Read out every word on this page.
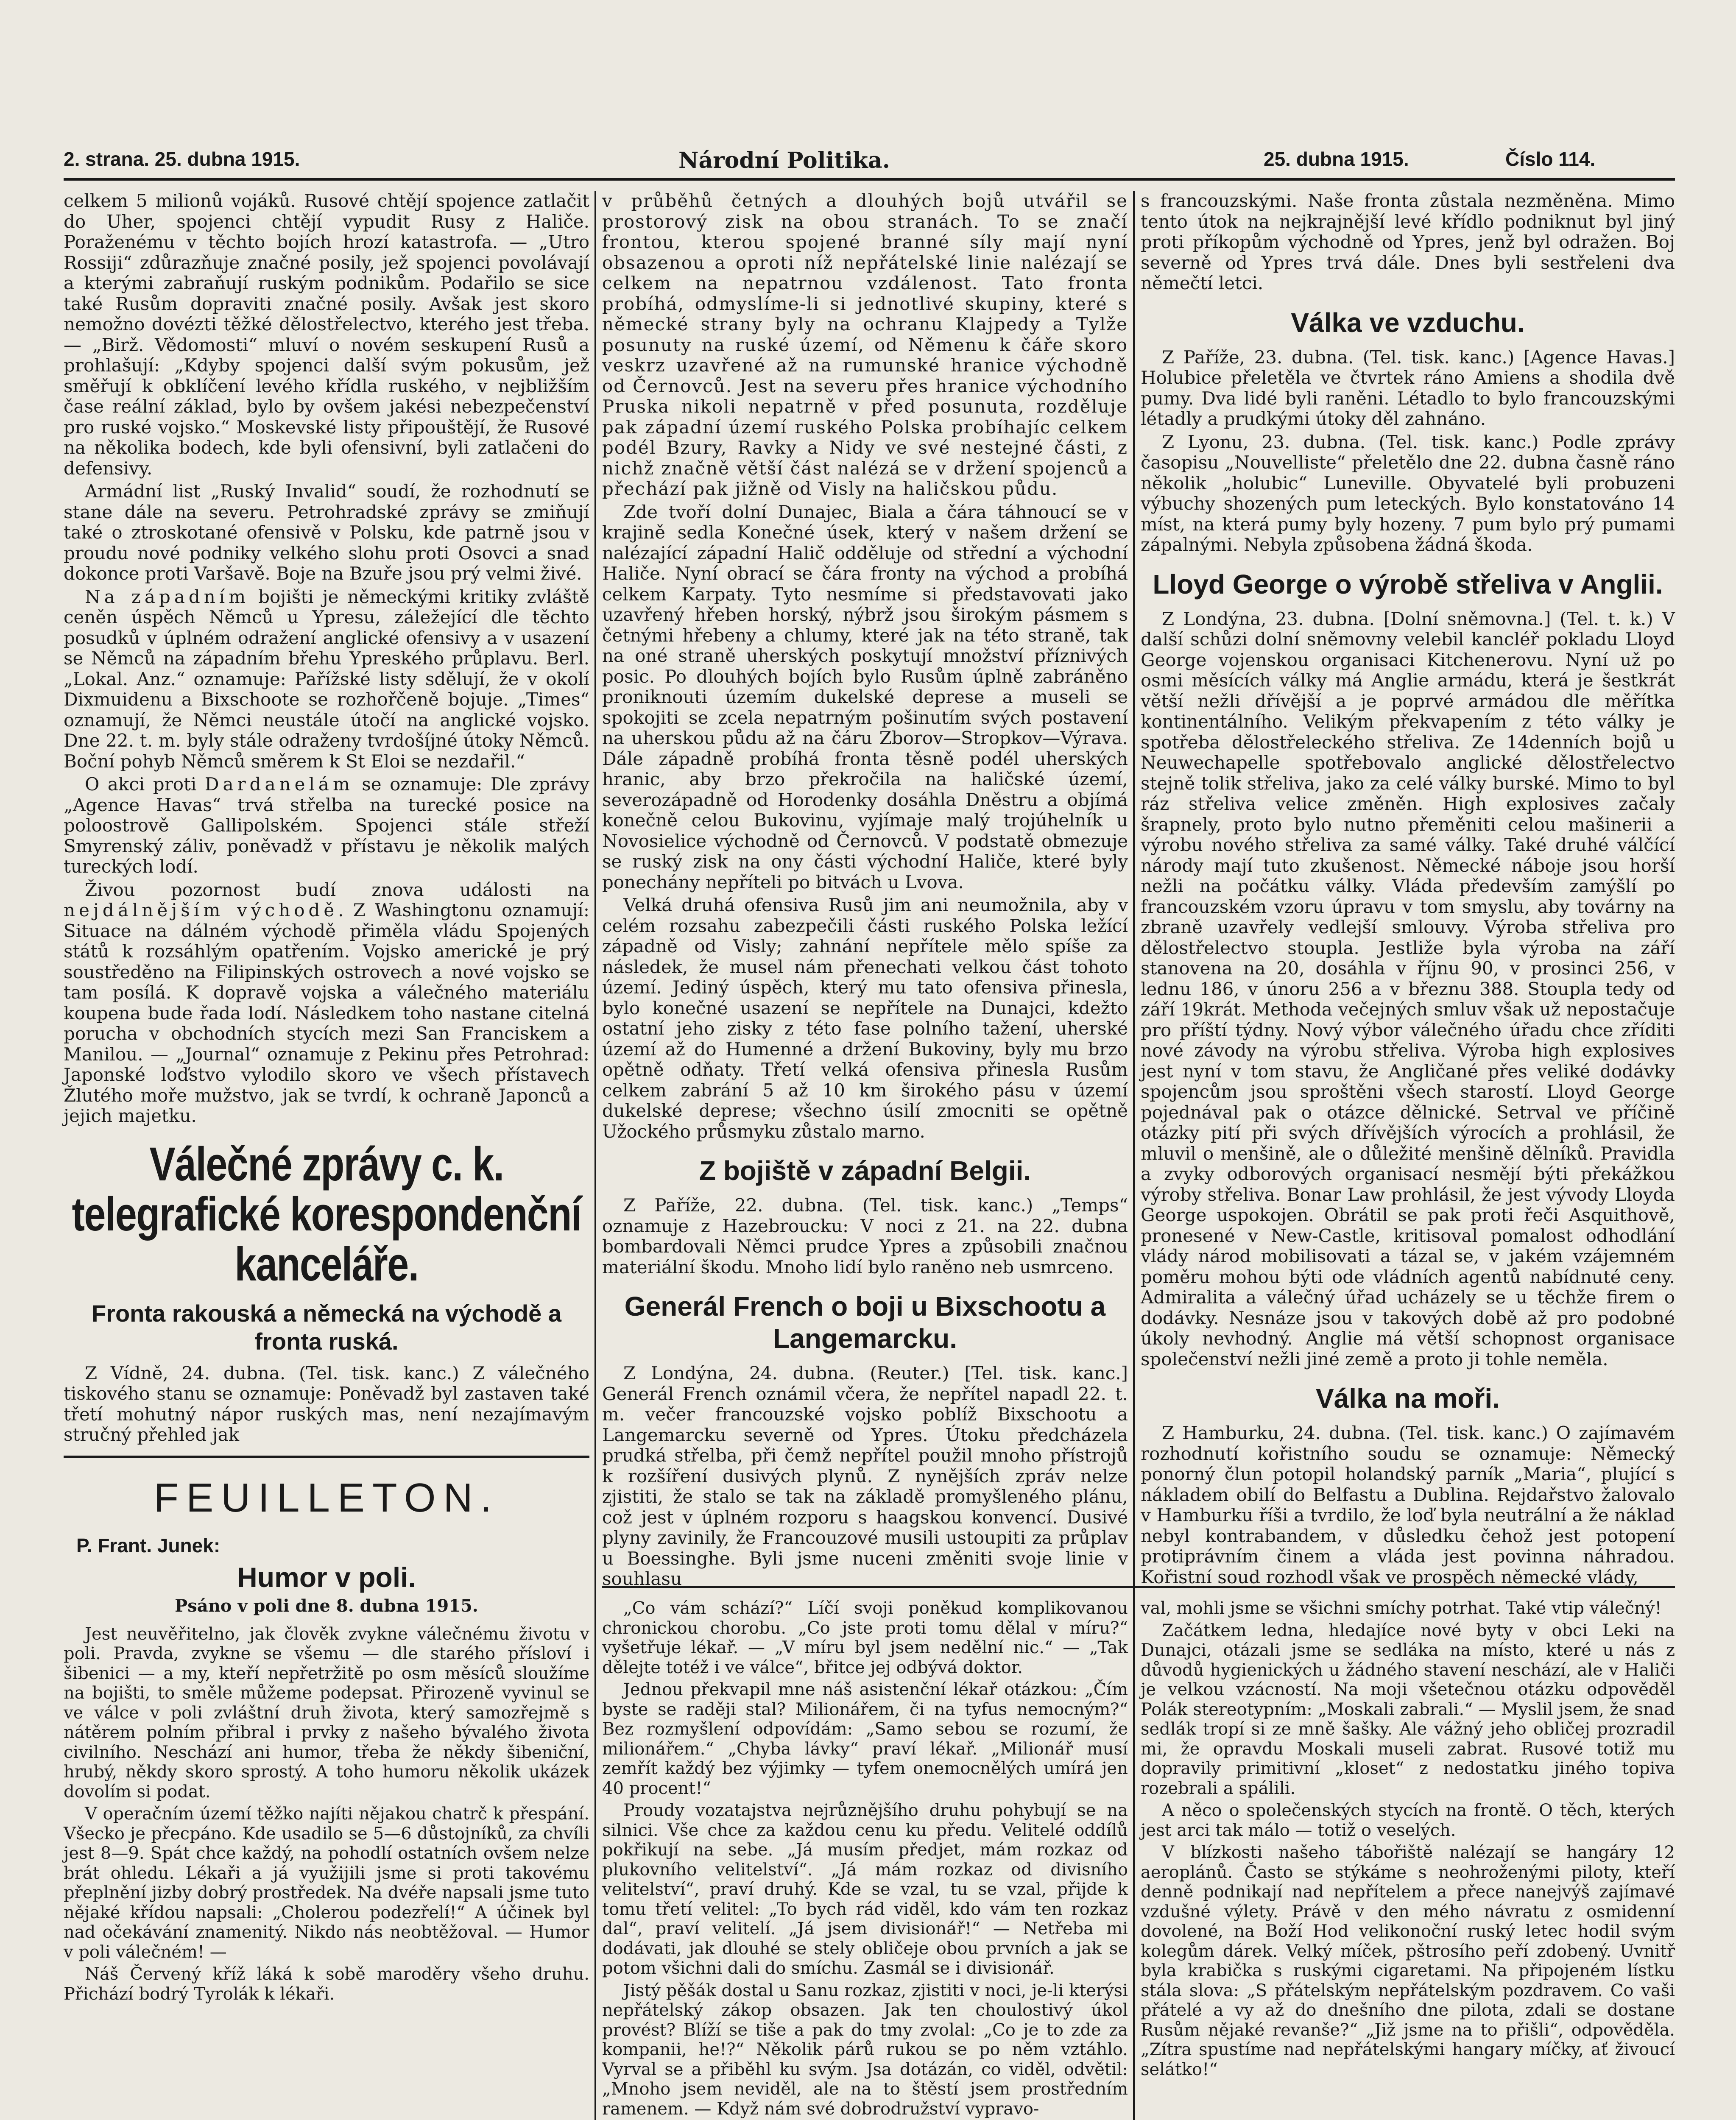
2. strana. 25. dubna 1915.	Národní Politika.	25. dubna 1915.	Číslo 114.

celkem 5 milionů vojáků. Rusové chtějí spojence zatlačit do Uher, spojenci chtějí vypudit Rusy z Haliče. Poraženému v těchto bojích hrozí katastrofa. — „Utro Rossiji“ zdůrazňuje značné posily, jež spojenci povolávají a kterými zabraňují ruským podnikům. Podařilo se sice také Rusům dopraviti značné posily. Avšak jest skoro nemožno dovézti těžké dělostřelectvo, kterého jest třeba. — „Birž. Vědomosti“ mluví o novém seskupení Rusů a prohlašují: „Kdyby spojenci další svým pokusům, jež směřují k obklíčení levého křídla ruského, v nejbližším čase reální základ, bylo by ovšem jakési nebezpečenství pro ruské vojsko.“ Moskevské listy připouštějí, že Rusové na několika bodech, kde byli ofensivní, byli zatlačeni do defensivy.

Armádní list „Ruský Invalid“ soudí, že rozhodnutí se stane dále na severu. Petrohradské zprávy se zmiňují také o ztroskotané ofensivě v Polsku, kde patrně jsou v proudu nové podniky velkého slohu proti Osovci a snad dokonce proti Varšavě. Boje na Bzuře jsou prý velmi živé.

Na západním bojišti je německými kritiky zvláště ceněn úspěch Němců u Ypresu, záležející dle těchto posudků v úplném odražení anglické ofensivy a v usazení se Němců na západním břehu Ypreského průplavu. Berl. „Lokal. Anz.“ oznamuje: Pařížské listy sdělují, že v okolí Dixmuidenu a Bixschoote se rozhořčeně bojuje. „Times“ oznamují, že Němci neustále útočí na anglické vojsko. Dne 22. t. m. byly stále odraženy tvrdošíjné útoky Němců. Boční pohyb Němců směrem k St Eloi se nezdařil.“

O akci proti Dardanelám se oznamuje: Dle zprávy „Agence Havas“ trvá střelba na turecké posice na poloostrově Gallipolském. Spojenci stále střeží Smyrenský záliv, poněvadž v přístavu je několik malých tureckých lodí.

Živou pozornost budí znova události na nejdálnějším východě. Z Washingtonu oznamují: Situace na dálném východě přiměla vládu Spojených států k rozsáhlým opatřením. Vojsko americké je prý soustředěno na Filipinských ostrovech a nové vojsko se tam posílá. K dopravě vojska a válečného materiálu koupena bude řada lodí. Následkem toho nastane citelná porucha v obchodních stycích mezi San Franciskem a Manilou. — „Journal“ oznamuje z Pekinu přes Petrohrad: Japonské loďstvo vylodilo skoro ve všech přístavech Žlutého moře mužstvo, jak se tvrdí, k ochraně Japonců a jejich majetku.

Válečné zprávy c. k. telegrafické korespondenční kanceláře.
Fronta rakouská a německá na východě a fronta ruská.

Z Vídně, 24. dubna. (Tel. tisk. kanc.) Z válečného tiskového stanu se oznamuje: Poněvadž byl zastaven také třetí mohutný nápor ruských mas, není nezajímavým stručný přehled jak

FEUILLETON.
P. Frant. Junek:
Humor v poli.
Psáno v poli dne 8. dubna 1915.

Jest neuvěřitelno, jak člověk zvykne válečnému životu v poli. Pravda, zvykne se všemu — dle starého přísloví i šibenici — a my, kteří nepřetržitě po osm měsíců sloužíme na bojišti, to směle můžeme podepsat. Přirozeně vyvinul se ve válce v poli zvláštní druh života, který samozřejmě s nátěrem polním přibral i prvky z našeho bývalého života civilního. Neschází ani humor, třeba že někdy šibeniční, hrubý, někdy skoro sprostý. A toho humoru několik ukázek dovolím si podat.

V operačním území těžko najíti nějakou chatrč k přespání. Všecko je přecpáno. Kde usadilo se 5—6 důstojníků, za chvíli jest 8—9. Spát chce každý, na pohodlí ostatních ovšem nelze brát ohledu. Lékaři a já využijili jsme si proti takovému přeplnění jizby dobrý prostředek. Na dvéře napsali jsme tuto nějaké křídou napsali: „Cholerou podezřelí!“ A účinek byl nad očekávání znamenitý. Nikdo nás neobtěžoval. — Humor v poli válečném! —

Náš Červený kříž láká k sobě maroděry všeho druhu. Přichází bodrý Tyrolák k lékaři.

v průběhů četných a dlouhých bojů utvářil se prostorový zisk na obou stranách. To se značí frontou, kterou spojené branné síly mají nyní obsazenou a oproti níž nepřátelské linie nalézají se celkem na nepatrnou vzdálenost. Tato fronta probíhá, odmyslíme-li si jednotlivé skupiny, které s německé strany byly na ochranu Klajpedy a Tylže posunuty na ruské území, od Němenu k čáře skoro veskrz uzavřené až na rumunské hranice východně od Černovců. Jest na severu přes hranice východního Pruska nikoli nepatrně v před posunuta, rozděluje pak západní území ruského Polska probíhajíc celkem podél Bzury, Ravky a Nidy ve své nestejné části, z nichž značně větší část nalézá se v držení spojenců a přechází pak jižně od Visly na haličskou půdu.

Zde tvoří dolní Dunajec, Biala a čára táhnoucí se v krajině sedla Konečné úsek, který v našem držení se nalézající západní Halič odděluje od střední a východní Haliče. Nyní obrací se čára fronty na východ a probíhá celkem Karpaty. Tyto nesmíme si představovati jako uzavřený hřeben horský, nýbrž jsou širokým pásmem s četnými hřebeny a chlumy, které jak na této straně, tak na oné straně uherských poskytují množství příznivých posic. Po dlouhých bojích bylo Rusům úplně zabráněno proniknouti územím dukelské deprese a museli se spokojiti se zcela nepatrným pošinutím svých postavení na uherskou půdu až na čáru Zborov—Stropkov—Výrava. Dále západně probíhá fronta těsně podél uherských hranic, aby brzo překročila na haličské území, severozápadně od Horodenky dosáhla Dněstru a objímá konečně celou Bukovinu, vyjímaje malý trojúhelník u Novosielice východně od Černovců. V podstatě obmezuje se ruský zisk na ony části východní Haliče, které byly ponechány nepříteli po bitvách u Lvova.

Velká druhá ofensiva Rusů jim ani neumožnila, aby v celém rozsahu zabezpečili části ruského Polska ležící západně od Visly; zahnání nepřítele mělo spíše za následek, že musel nám přenechati velkou část tohoto území. Jediný úspěch, který mu tato ofensiva přinesla, bylo konečné usazení se nepřítele na Dunajci, kdežto ostatní jeho zisky z této fase polního tažení, uherské území až do Humenné a držení Bukoviny, byly mu brzo opětně odňaty. Třetí velká ofensiva přinesla Rusům celkem zabrání 5 až 10 km širokého pásu v území dukelské deprese; všechno úsilí zmocniti se opětně Užockého průsmyku zůstalo marno.

Z bojiště v západní Belgii.

Z Paříže, 22. dubna. (Tel. tisk. kanc.) „Temps“ oznamuje z Hazebroucku: V noci z 21. na 22. dubna bombardovali Němci prudce Ypres a způsobili značnou materiální škodu. Mnoho lidí bylo raněno neb usmrceno.

Generál French o boji u Bixschootu a Langemarcku.

Z Londýna, 24. dubna. (Reuter.) [Tel. tisk. kanc.] Generál French oznámil včera, že nepřítel napadl 22. t. m. večer francouzské vojsko poblíž Bixschootu a Langemarcku severně od Ypres. Útoku předcházela prudká střelba, při čemž nepřítel použil mnoho přístrojů k rozšíření dusivých plynů. Z nynějších zpráv nelze zjistiti, že stalo se tak na základě promyšleného plánu, což jest v úplném rozporu s haagskou konvencí. Dusivé plyny zavinily, že Francouzové musili ustoupiti za průplav u Boessinghe. Byli jsme nuceni změniti svoje linie v souhlasu

„Co vám schází?“ Líčí svoji poněkud komplikovanou chronickou chorobu. „Co jste proti tomu dělal v míru?“ vyšetřuje lékař. — „V míru byl jsem nedělní nic.“ — „Tak dělejte totéž i ve válce“, břitce jej odbývá doktor.

Jednou překvapil mne náš asistenční lékař otázkou: „Čím byste se raději stal? Milionářem, či na tyfus nemocným?“ Bez rozmyšlení odpovídám: „Samo sebou se rozumí, že milionářem.“ „Chyba lávky“ praví lékař. „Milionář musí zemřít každý bez výjimky — tyfem onemocnělých umírá jen 40 procent!“

Proudy vozatajstva nejrůznějšího druhu pohybují se na silnici. Vše chce za každou cenu ku předu. Velitelé oddílů pokřikují na sebe. „Já musím předjet, mám rozkaz od plukovního velitelství“. „Já mám rozkaz od divisního velitelství“, praví druhý. Kde se vzal, tu se vzal, přijde k tomu třetí velitel: „To bych rád viděl, kdo vám ten rozkaz dal“, praví velitelí. „Já jsem divisionář!“ — Netřeba mi dodávati, jak dlouhé se stely obličeje obou prvních a jak se potom všichni dali do smíchu. Zasmál se i divisionář.

Jistý pěšák dostal u Sanu rozkaz, zjistiti v noci, je-li kterýsi nepřátelský zákop obsazen. Jak ten choulostivý úkol provést? Blíží se tiše a pak do tmy zvolal: „Co je to zde za kompanii, he!?“ Několik párů rukou se po něm vztáhlo. Vyrval se a přiběhl ku svým. Jsa dotázán, co viděl, odvětil: „Mnoho jsem neviděl, ale na to štěstí jsem prostředním ramenem. — Když nám své dobrodružství vypravo-

s francouzskými. Naše fronta zůstala nezměněna. Mimo tento útok na nejkrajnější levé křídlo podniknut byl jiný proti příkopům východně od Ypres, jenž byl odražen. Boj severně od Ypres trvá dále. Dnes byli sestřeleni dva němečtí letci.

Válka ve vzduchu.

Z Paříže, 23. dubna. (Tel. tisk. kanc.) [Agence Havas.] Holubice přeletěla ve čtvrtek ráno Amiens a shodila dvě pumy. Dva lidé byli raněni. Létadlo to bylo francouzskými létadly a prudkými útoky děl zahnáno.

Z Lyonu, 23. dubna. (Tel. tisk. kanc.) Podle zprávy časopisu „Nouvelliste“ přeletělo dne 22. dubna časně ráno několik „holubic“ Luneville. Obyvatelé byli probuzeni výbuchy shozených pum leteckých. Bylo konstatováno 14 míst, na která pumy byly hozeny. 7 pum bylo prý pumami zápalnými. Nebyla způsobena žádná škoda.

Lloyd George o výrobě střeliva v Anglii.

Z Londýna, 23. dubna. [Dolní sněmovna.] (Tel. t. k.) V další schůzi dolní sněmovny velebil kancléř pokladu Lloyd George vojenskou organisaci Kitchenerovu. Nyní už po osmi měsících války má Anglie armádu, která je šestkrát větší nežli dřívější a je poprvé armádou dle měřítka kontinentálního. Velikým překvapením z této války je spotřeba dělostřeleckého střeliva. Ze 14denních bojů u Neuwechapelle spotřebovalo anglické dělostřelectvo stejně tolik střeliva, jako za celé války burské. Mimo to byl ráz střeliva velice změněn. High explosives začaly šrapnely, proto bylo nutno přeměniti celou mašinerii a výrobu nového střeliva za samé války. Také druhé válčící národy mají tuto zkušenost. Německé náboje jsou horší nežli na počátku války. Vláda především zamýšlí po francouzském vzoru úpravu v tom smyslu, aby továrny na zbraně uzavřely vedlejší smlouvy. Výroba střeliva pro dělostřelectvo stoupla. Jestliže byla výroba na září stanovena na 20, dosáhla v říjnu 90, v prosinci 256, v lednu 186, v únoru 256 a v březnu 388. Stoupla tedy od září 19krát. Methoda večejných smluv však už nepostačuje pro příští týdny. Nový výbor válečného úřadu chce zříditi nové závody na výrobu střeliva. Výroba high explosives jest nyní v tom stavu, že Angličané přes veliké dodávky spojencům jsou sproštěni všech starostí. Lloyd George pojednával pak o otázce dělnické. Setrval ve příčině otázky pití při svých dřívějších výrocích a prohlásil, že mluvil o menšině, ale o důležité menšině dělníků. Pravidla a zvyky odborových organisací nesmějí býti překážkou výroby střeliva. Bonar Law prohlásil, že jest vývody Lloyda George uspokojen. Obrátil se pak proti řeči Asquithově, pronesené v New-Castle, kritisoval pomalost odhodlání vlády národ mobilisovati a tázal se, v jakém vzájemném poměru mohou býti ode vládních agentů nabídnuté ceny. Admiralita a válečný úřad ucházely se u těchže firem o dodávky. Nesnáze jsou v takových době až pro podobné úkoly nevhodný. Anglie má větší schopnost organisace společenství nežli jiné země a proto ji tohle neměla.

Válka na moři.

Z Hamburku, 24. dubna. (Tel. tisk. kanc.) O zajímavém rozhodnutí kořistního soudu se oznamuje: Německý ponorný člun potopil holandský parník „Maria“, plující s nákladem obilí do Belfastu a Dublina. Rejdařstvo žalovalo v Hamburku říši a tvrdilo, že loď byla neutrální a že náklad nebyl kontrabandem, v důsledku čehož jest potopení protiprávním činem a vláda jest povinna náhradou. Kořistní soud rozhodl však ve prospěch německé vlády,

val, mohli jsme se všichni smíchy potrhat. Také vtip válečný!

Začátkem ledna, hledajíce nové byty v obci Leki na Dunajci, otázali jsme se sedláka na místo, které u nás z důvodů hygienických u žádného stavení neschází, ale v Haliči je velkou vzácností. Na moji všetečnou otázku odpověděl Polák stereotypním: „Moskali zabrali.“ — Myslil jsem, že snad sedlák tropí si ze mně šašky. Ale vážný jeho obličej prozradil mi, že opravdu Moskali museli zabrat. Rusové totiž mu dopravily primitivní „kloset“ z nedostatku jiného topiva rozebrali a spálili.

A něco o společenských stycích na frontě. O těch, kterých jest arci tak málo — totiž o veselých.

V blízkosti našeho tábořiště nalézají se hangáry 12 aeroplánů. Často se stýkáme s neohroženými piloty, kteří denně podnikají nad nepřítelem a přece nanejvýš zajímavé vzdušné výlety. Právě v den mého návratu z osmidenní dovolené, na Boží Hod velikonoční ruský letec hodil svým kolegům dárek. Velký míček, pštrosího peří zdobený. Uvnitř byla krabička s ruskými cigaretami. Na připojeném lístku stála slova: „S přátelským nepřátelským pozdravem. Co vaši přátelé a vy až do dnešního dne pilota, zdali se dostane Rusům nějaké revanše?“ „Již jsme na to přišli“, odpověděla. „Zítra spustíme nad nepřátelskými hangary míčky, ať živoucí selátko!“
